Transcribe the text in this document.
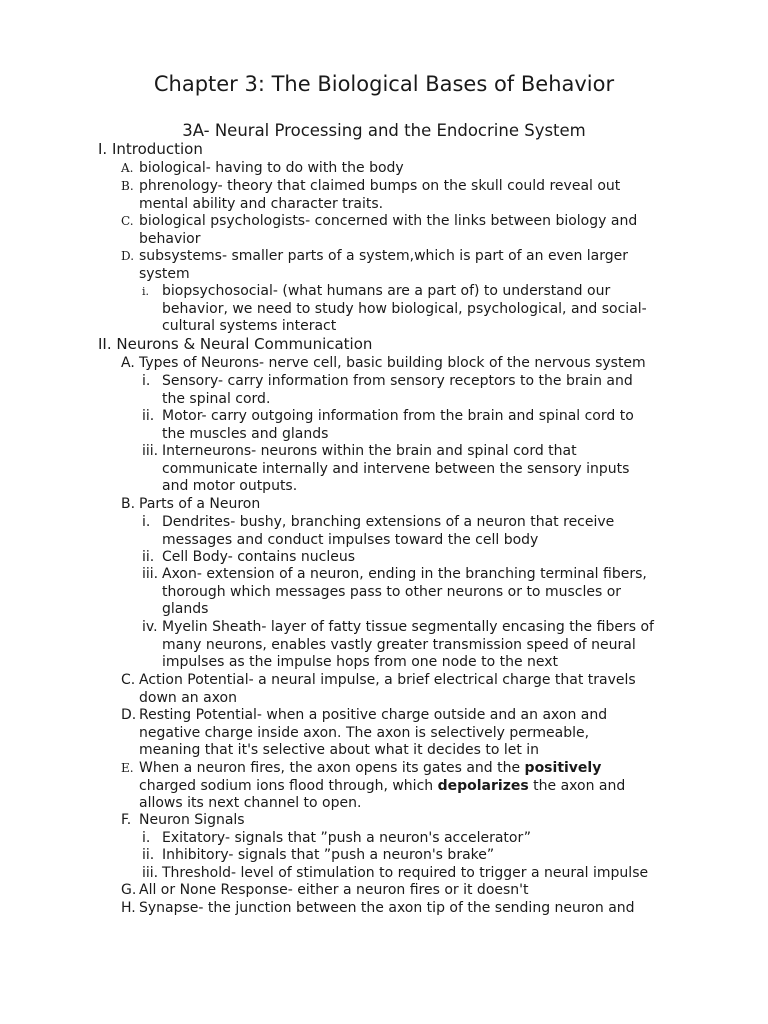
Chapter 3: The Biological Bases of Behavior
3A- Neural Processing and the Endocrine System
I. Introduction
A. biological- having to do with the body
B. phrenology- theory that claimed bumps on the skull could reveal out
mental ability and character traits.
C. biological psychologists- concerned with the links between biology and
behavior
D. subsystems- smaller parts of a system,which is part of an even larger
system
i. biopsychosocial- (what humans are a part of) to understand our
behavior, we need to study how biological, psychological, and social-
cultural systems interact
II. Neurons & Neural Communication
A. Types of Neurons- nerve cell, basic building block of the nervous system
i. Sensory- carry information from sensory receptors to the brain and
the spinal cord.
ii. Motor- carry outgoing information from the brain and spinal cord to
the muscles and glands
iii. Interneurons- neurons within the brain and spinal cord that
communicate internally and intervene between the sensory inputs
and motor outputs.
B. Parts of a Neuron
i. Dendrites- bushy, branching extensions of a neuron that receive
messages and conduct impulses toward the cell body
ii. Cell Body- contains nucleus
iii. Axon- extension of a neuron, ending in the branching terminal fibers,
thorough which messages pass to other neurons or to muscles or
glands
iv. Myelin Sheath- layer of fatty tissue segmentally encasing the fibers of
many neurons, enables vastly greater transmission speed of neural
impulses as the impulse hops from one node to the next
C. Action Potential- a neural impulse, a brief electrical charge that travels
down an axon
D. Resting Potential- when a positive charge outside and an axon and
negative charge inside axon. The axon is selectively permeable,
meaning that it's selective about what it decides to let in
E. When a neuron fires, the axon opens its gates and the positively
charged sodium ions flood through, which depolarizes the axon and
allows its next channel to open.
F. Neuron Signals
i. Exitatory- signals that ”push a neuron's accelerator”
ii. Inhibitory- signals that ”push a neuron's brake”
iii. Threshold- level of stimulation to required to trigger a neural impulse
G. All or None Response- either a neuron fires or it doesn't
H. Synapse- the junction between the axon tip of the sending neuron and
